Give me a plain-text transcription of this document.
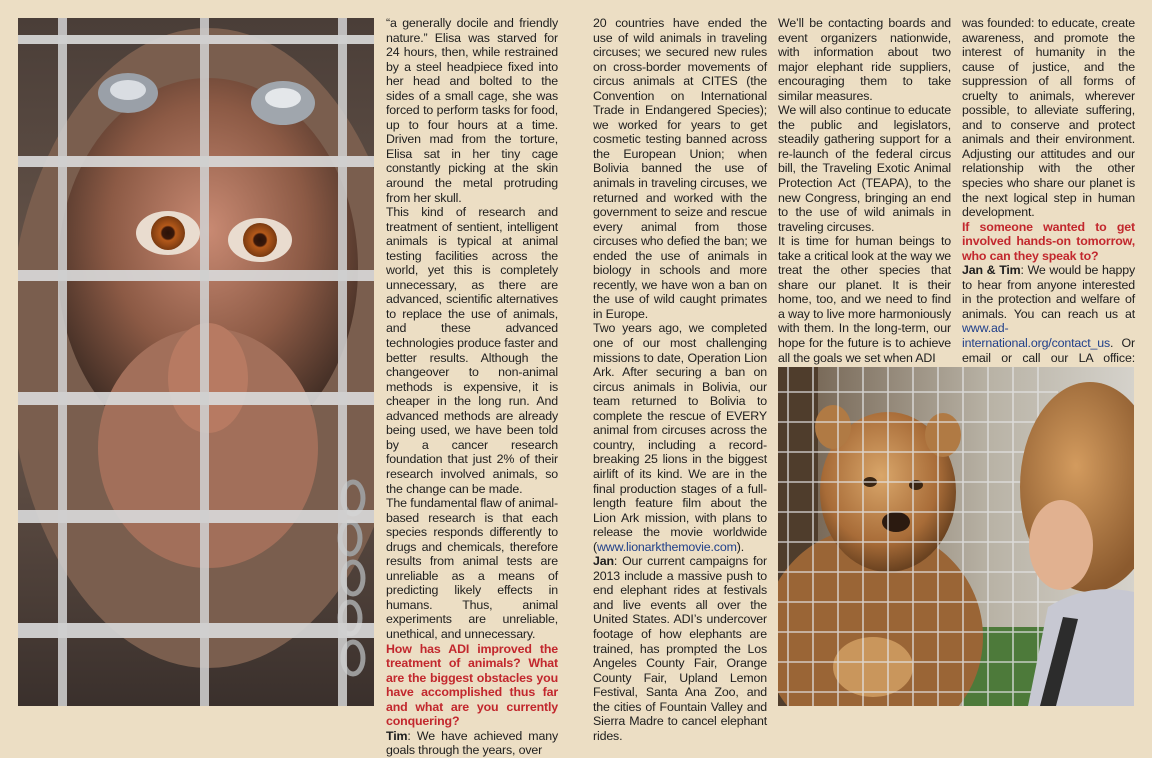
“a generally docile and friendly nature.” Elisa was starved for 24 hours, then, while restrained by a steel headpiece fixed into her head and bolted to the sides of a small cage, she was forced to perform tasks for food, up to four hours at a time. Driven mad from the torture, Elisa sat in her tiny cage constantly picking at the skin around the metal protruding from her skull.

This kind of research and treatment of sentient, intelligent animals is typical at animal testing facilities across the world, yet this is completely unnecessary, as there are advanced, scientific alternatives to replace the use of animals, and these advanced technologies produce faster and better results. Although the changeover to non-animal methods is expensive, it is cheaper in the long run. And advanced methods are already being used, we have been told by a cancer research foundation that just 2% of their research involved animals, so the change can be made.

The fundamental flaw of animal-based research is that each species responds differently to drugs and chemicals, therefore results from animal tests are unreliable as a means of predicting likely effects in humans. Thus, animal experiments are unreliable, unethical, and unnecessary.

How has ADI improved the treatment of animals? What are the biggest obstacles you have accomplished thus far and what are you currently conquering?

Tim: We have achieved many goals through the years, over

20 countries have ended the use of wild animals in traveling circuses; we secured new rules on cross-border movements of circus animals at CITES (the Convention on International Trade in Endangered Species); we worked for years to get cosmetic testing banned across the European Union; when Bolivia banned the use of animals in traveling circuses, we returned and worked with the government to seize and rescue every animal from those circuses who defied the ban; we ended the use of animals in biology in schools and more recently, we have won a ban on the use of wild caught primates in Europe.

Two years ago, we completed one of our most challenging missions to date, Operation Lion Ark. After securing a ban on circus animals in Bolivia, our team returned to Bolivia to complete the rescue of EVERY animal from circuses across the country, including a record-breaking 25 lions in the biggest airlift of its kind. We are in the final production stages of a full-length feature film about the Lion Ark mission, with plans to release the movie worldwide (www.lionarkthemovie.com).

Jan: Our current campaigns for 2013 include a massive push to end elephant rides at festivals and live events all over the United States. ADI’s undercover footage of how elephants are trained, has prompted the Los Angeles County Fair, Orange County Fair, Upland Lemon Festival, Santa Ana Zoo, and the cities of Fountain Valley and Sierra Madre to cancel elephant rides.

We’ll be contacting boards and event organizers nationwide, with information about two major elephant ride suppliers, encouraging them to take similar measures.

We will also continue to educate the public and legislators, steadily gathering support for a re-launch of the federal circus bill, the Traveling Exotic Animal Protection Act (TEAPA), to the new Congress, bringing an end to the use of wild animals in traveling circuses.

It is time for human beings to take a critical look at the way we treat the other species that share our planet. It is their home, too, and we need to find a way to live more harmoniously with them. In the long-term, our hope for the future is to achieve all the goals we set when ADI

was founded: to educate, create awareness, and promote the interest of humanity in the cause of justice, and the suppression of all forms of cruelty to animals, wherever possible, to alleviate suffering, and to conserve and protect animals and their environment. Adjusting our attitudes and our relationship with the other species who share our planet is the next logical step in human development.

If someone wanted to get involved hands-on tomorrow, who can they speak to?

Jan & Tim: We would be happy to hear from anyone interested in the protection and welfare of animals. You can reach us at www.ad-international.org/contact_us. Or email or call our LA office:
